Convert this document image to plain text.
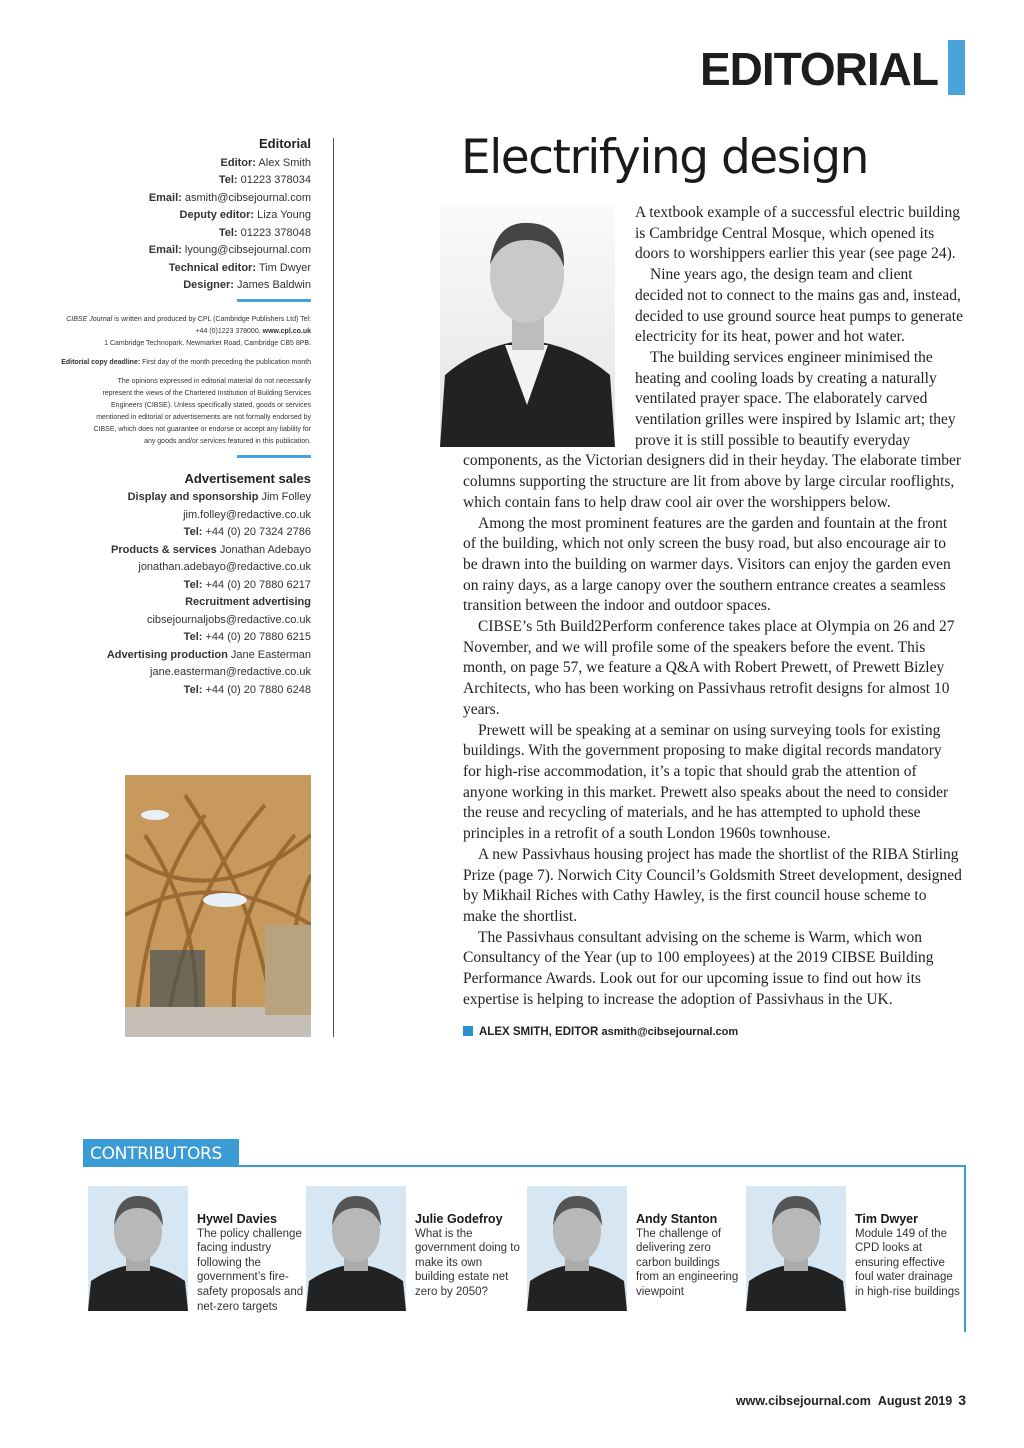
EDITORIAL
Editorial
Editor: Alex Smith
Tel: 01223 378034
Email: asmith@cibsejournal.com
Deputy editor: Liza Young
Tel: 01223 378048
Email: lyoung@cibsejournal.com
Technical editor: Tim Dwyer
Designer: James Baldwin
CIBSE Journal is written and produced by CPL (Cambridge Publishers Ltd) Tel: +44 (0)1223 378000. www.cpl.co.uk
1 Cambridge Technopark, Newmarket Road, Cambridge CB5 8PB.
Editorial copy deadline: First day of the month preceding the publication month
The opinions expressed in editorial material do not necessarily represent the views of the Chartered Institution of Building Services Engineers (CIBSE). Unless specifically stated, goods or services mentioned in editorial or advertisements are not formally endorsed by CIBSE, which does not guarantee or endorse or accept any liability for any goods and/or services featured in this publication.
Advertisement sales
Display and sponsorship Jim Folley
jim.folley@redactive.co.uk
Tel: +44 (0) 20 7324 2786
Products & services Jonathan Adebayo
jonathan.adebayo@redactive.co.uk
Tel: +44 (0) 20 7880 6217
Recruitment advertising
cibsejournaljobs@redactive.co.uk
Tel: +44 (0) 20 7880 6215
Advertising production Jane Easterman
jane.easterman@redactive.co.uk
Tel: +44 (0) 20 7880 6248
Electrifying design

A textbook example of a successful electric building is Cambridge Central Mosque, which opened its doors to worshippers earlier this year (see page 24).

Nine years ago, the design team and client decided not to connect to the mains gas and, instead, decided to use ground source heat pumps to generate electricity for its heat, power and hot water.

The building services engineer minimised the heating and cooling loads by creating a naturally ventilated prayer space. The elaborately carved ventilation grilles were inspired by Islamic art; they prove it is still possible to beautify everyday components, as the Victorian designers did in their heyday. The elaborate timber columns supporting the structure are lit from above by large circular rooflights, which contain fans to help draw cool air over the worshippers below.

Among the most prominent features are the garden and fountain at the front of the building, which not only screen the busy road, but also encourage air to be drawn into the building on warmer days. Visitors can enjoy the garden even on rainy days, as a large canopy over the southern entrance creates a seamless transition between the indoor and outdoor spaces.

CIBSE’s 5th Build2Perform conference takes place at Olympia on 26 and 27 November, and we will profile some of the speakers before the event. This month, on page 57, we feature a Q&A with Robert Prewett, of Prewett Bizley Architects, who has been working on Passivhaus retrofit designs for almost 10 years.

Prewett will be speaking at a seminar on using surveying tools for existing buildings. With the government proposing to make digital records mandatory for high-rise accommodation, it’s a topic that should grab the attention of anyone working in this market. Prewett also speaks about the need to consider the reuse and recycling of materials, and he has attempted to uphold these principles in a retrofit of a south London 1960s townhouse.

A new Passivhaus housing project has made the shortlist of the RIBA Stirling Prize (page 7). Norwich City Council’s Goldsmith Street development, designed by Mikhail Riches with Cathy Hawley, is the first council house scheme to make the shortlist.

The Passivhaus consultant advising on the scheme is Warm, which won Consultancy of the Year (up to 100 employees) at the 2019 CIBSE Building Performance Awards. Look out for our upcoming issue to find out how its expertise is helping to increase the adoption of Passivhaus in the UK.

ALEX SMITH, EDITOR asmith@cibsejournal.com
CONTRIBUTORS
Hywel Davies
The policy challenge facing industry following the government’s fire-safety proposals and net-zero targets
Julie Godefroy
What is the government doing to make its own building estate net zero by 2050?
Andy Stanton
The challenge of delivering zero carbon buildings from an engineering viewpoint
Tim Dwyer
Module 149 of the CPD looks at ensuring effective foul water drainage in high-rise buildings
www.cibsejournal.com August 2019 3
